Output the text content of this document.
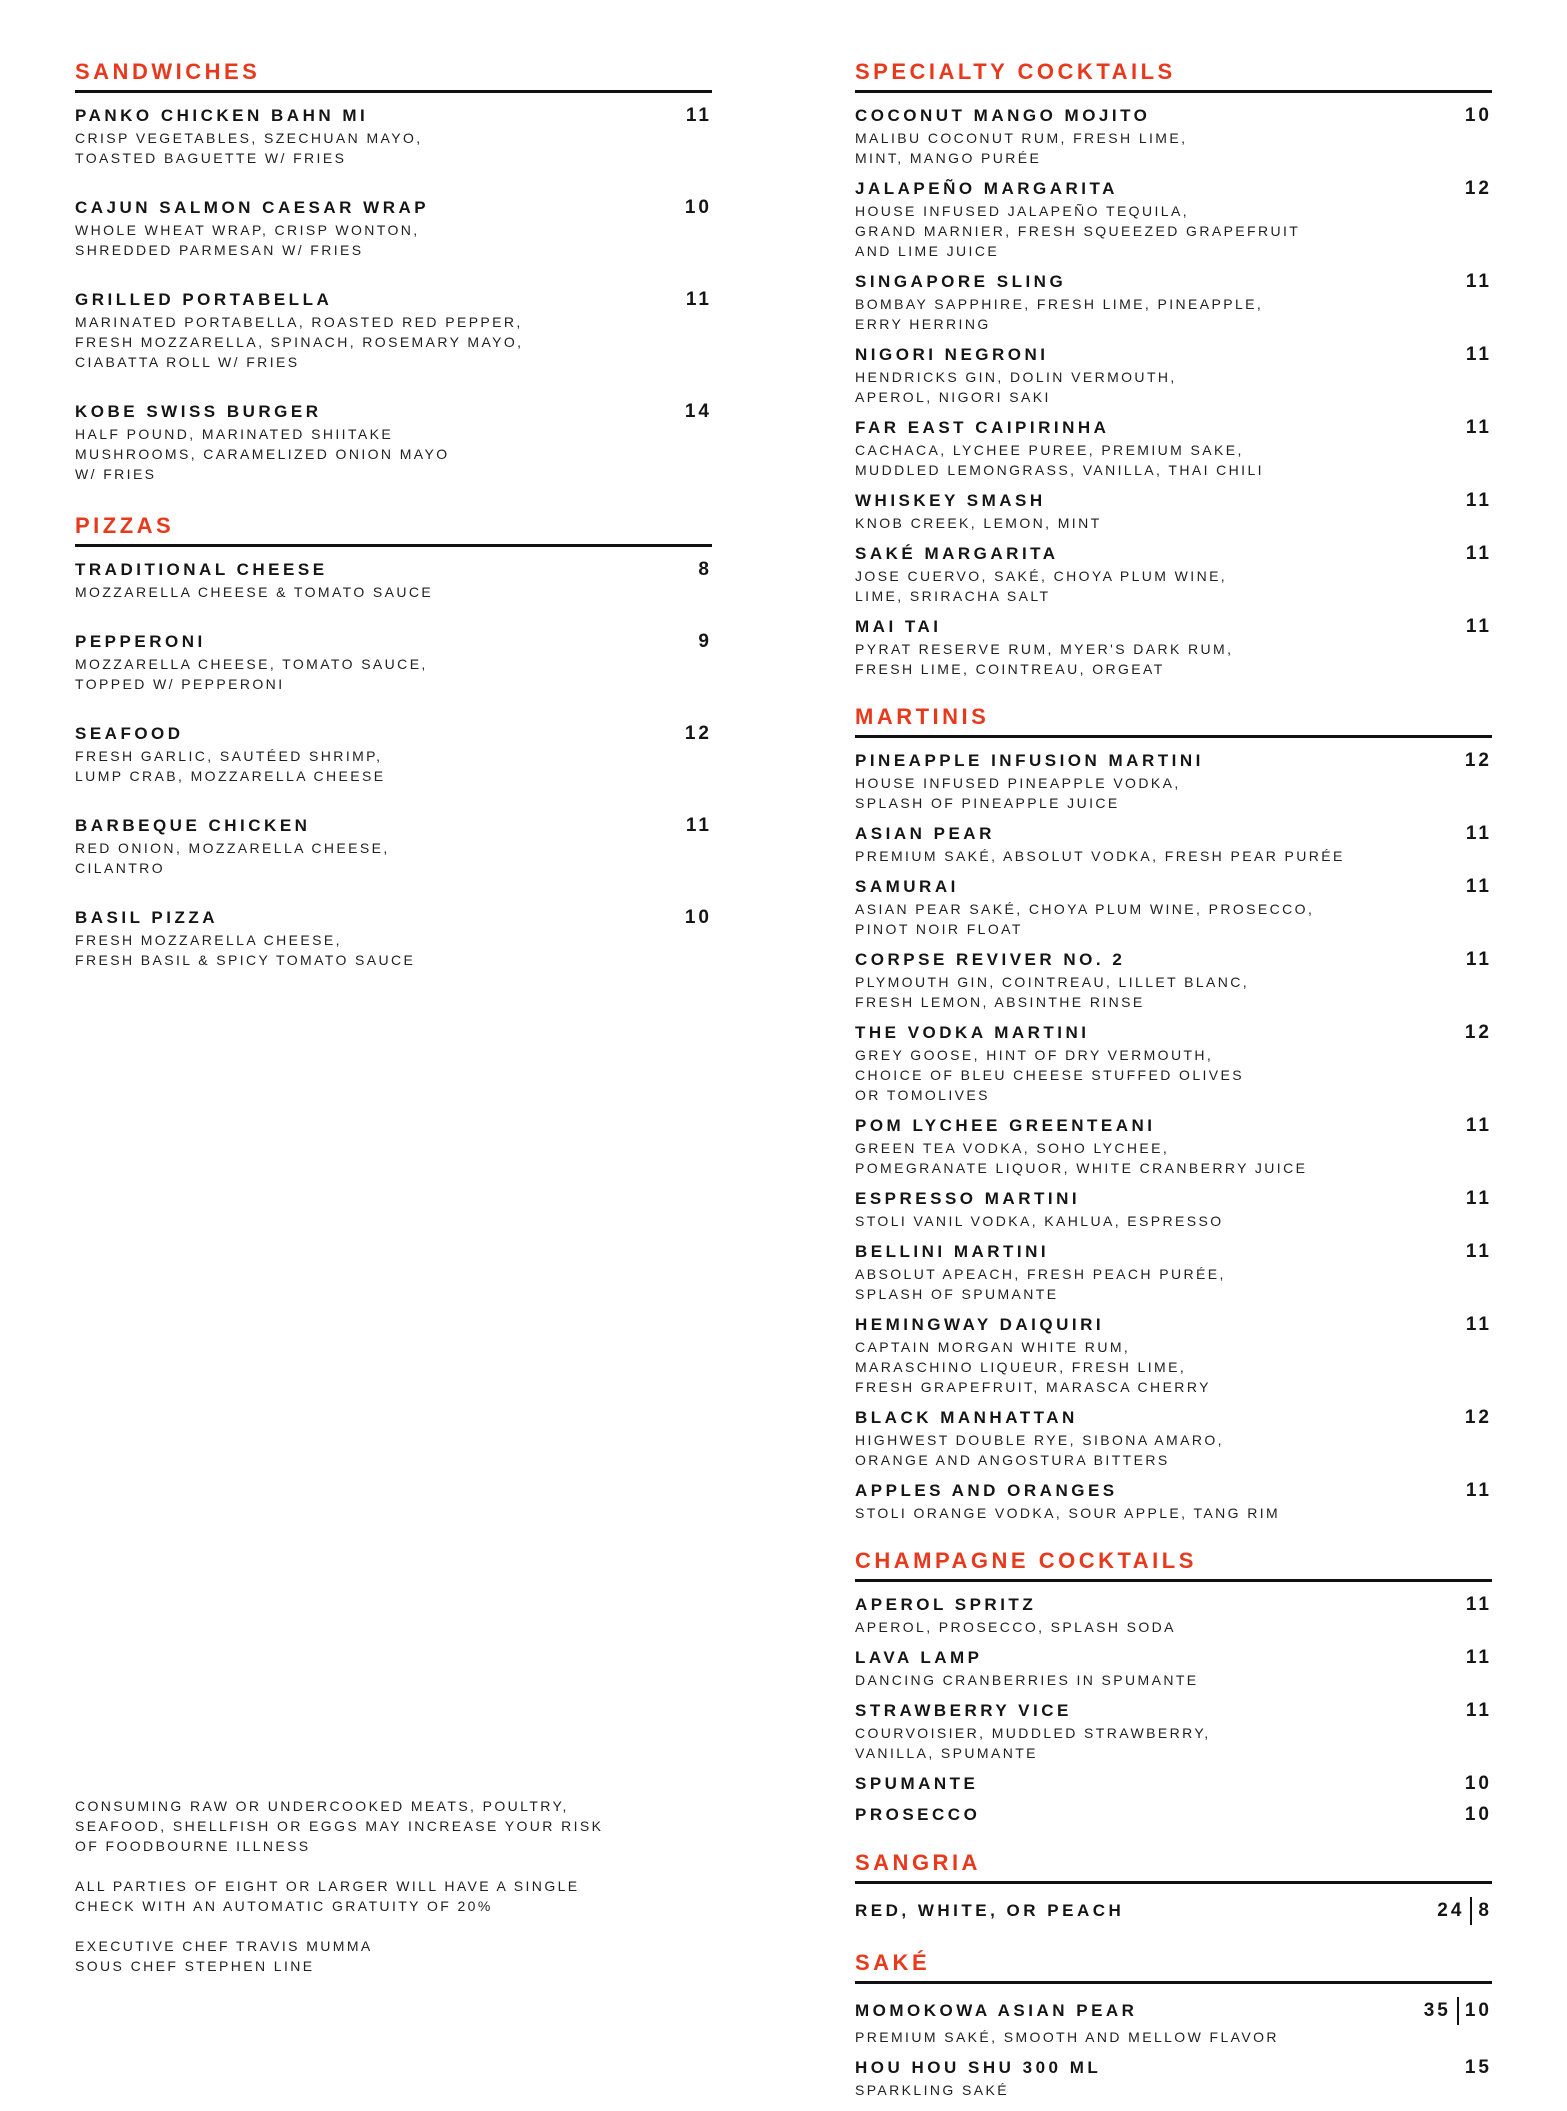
SANDWICHES
PANKO CHICKEN BAHN MI	11
CRISP VEGETABLES, SZECHUAN MAYO,
TOASTED BAGUETTE W/ FRIES
CAJUN SALMON CAESAR WRAP	10
WHOLE WHEAT WRAP, CRISP WONTON,
SHREDDED PARMESAN W/ FRIES
GRILLED PORTABELLA	11
MARINATED PORTABELLA, ROASTED RED PEPPER,
FRESH MOZZARELLA, SPINACH, ROSEMARY MAYO,
CIABATTA ROLL W/ FRIES
KOBE SWISS BURGER	14
HALF POUND, MARINATED SHIITAKE
MUSHROOMS, CARAMELIZED ONION MAYO
W/ FRIES
PIZZAS
TRADITIONAL CHEESE	8
MOZZARELLA CHEESE & TOMATO SAUCE
PEPPERONI	9
MOZZARELLA CHEESE, TOMATO SAUCE,
TOPPED W/ PEPPERONI
SEAFOOD	12
FRESH GARLIC, SAUTÉED SHRIMP,
LUMP CRAB, MOZZARELLA CHEESE
BARBEQUE CHICKEN	11
RED ONION, MOZZARELLA CHEESE,
CILANTRO
BASIL PIZZA	10
FRESH MOZZARELLA CHEESE,
FRESH BASIL & SPICY TOMATO SAUCE
SPECIALTY COCKTAILS
COCONUT MANGO MOJITO	10
MALIBU COCONUT RUM, FRESH LIME,
MINT, MANGO PURÉE
JALAPEÑO MARGARITA	12
HOUSE INFUSED JALAPEÑO TEQUILA,
GRAND MARNIER, FRESH SQUEEZED GRAPEFRUIT
AND LIME JUICE
SINGAPORE SLING	11
BOMBAY SAPPHIRE, FRESH LIME, PINEAPPLE,
ERRY HERRING
NIGORI NEGRONI	11
HENDRICKS GIN, DOLIN VERMOUTH,
APEROL, NIGORI SAKI
FAR EAST CAIPIRINHA	11
CACHACA, LYCHEE PUREE, PREMIUM SAKE,
MUDDLED LEMONGRASS, VANILLA, THAI CHILI
WHISKEY SMASH	11
KNOB CREEK, LEMON, MINT
SAKÉ MARGARITA	11
JOSE CUERVO, SAKÉ, CHOYA PLUM WINE,
LIME, SRIRACHA SALT
MAI TAI	11
PYRAT RESERVE RUM, MYER'S DARK RUM,
FRESH LIME, COINTREAU, ORGEAT
MARTINIS
PINEAPPLE INFUSION MARTINI	12
HOUSE INFUSED PINEAPPLE VODKA,
SPLASH OF PINEAPPLE JUICE
ASIAN PEAR	11
PREMIUM SAKÉ, ABSOLUT VODKA, FRESH PEAR PURÉE
SAMURAI	11
ASIAN PEAR SAKÉ, CHOYA PLUM WINE, PROSECCO,
PINOT NOIR FLOAT
CORPSE REVIVER NO. 2	11
PLYMOUTH GIN, COINTREAU, LILLET BLANC,
FRESH LEMON, ABSINTHE RINSE
THE VODKA MARTINI	12
GREY GOOSE, HINT OF DRY VERMOUTH,
CHOICE OF BLEU CHEESE STUFFED OLIVES
OR TOMOLIVES
POM LYCHEE GREENTEANI	11
GREEN TEA VODKA, SOHO LYCHEE,
POMEGRANATE LIQUOR, WHITE CRANBERRY JUICE
ESPRESSO MARTINI	11
STOLI VANIL VODKA, KAHLUA, ESPRESSO
BELLINI MARTINI	11
ABSOLUT APEACH, FRESH PEACH PURÉE,
SPLASH OF SPUMANTE
HEMINGWAY DAIQUIRI	11
CAPTAIN MORGAN WHITE RUM,
MARASCHINO LIQUEUR, FRESH LIME,
FRESH GRAPEFRUIT, MARASCA CHERRY
BLACK MANHATTAN	12
HIGHWEST DOUBLE RYE, SIBONA AMARO,
ORANGE AND ANGOSTURA BITTERS
APPLES AND ORANGES	11
STOLI ORANGE VODKA, SOUR APPLE, TANG RIM
CHAMPAGNE COCKTAILS
APEROL SPRITZ	11
APEROL, PROSECCO, SPLASH SODA
LAVA LAMP	11
DANCING CRANBERRIES IN SPUMANTE
STRAWBERRY VICE	11
COURVOISIER, MUDDLED STRAWBERRY,
VANILLA, SPUMANTE
SPUMANTE	10
PROSECCO	10
SANGRIA
RED, WHITE, OR PEACH	24 8
SAKÉ
MOMOKOWA ASIAN PEAR	35 10
PREMIUM SAKÉ, SMOOTH AND MELLOW FLAVOR
HOU HOU SHU 300 ML	15
SPARKLING SAKÉ
CONSUMING RAW OR UNDERCOOKED MEATS, POULTRY,
SEAFOOD, SHELLFISH OR EGGS MAY INCREASE YOUR RISK
OF FOODBOURNE ILLNESS
ALL PARTIES OF EIGHT OR LARGER WILL HAVE A SINGLE
CHECK WITH AN AUTOMATIC GRATUITY OF 20%
EXECUTIVE CHEF TRAVIS MUMMA
SOUS CHEF STEPHEN LINE
